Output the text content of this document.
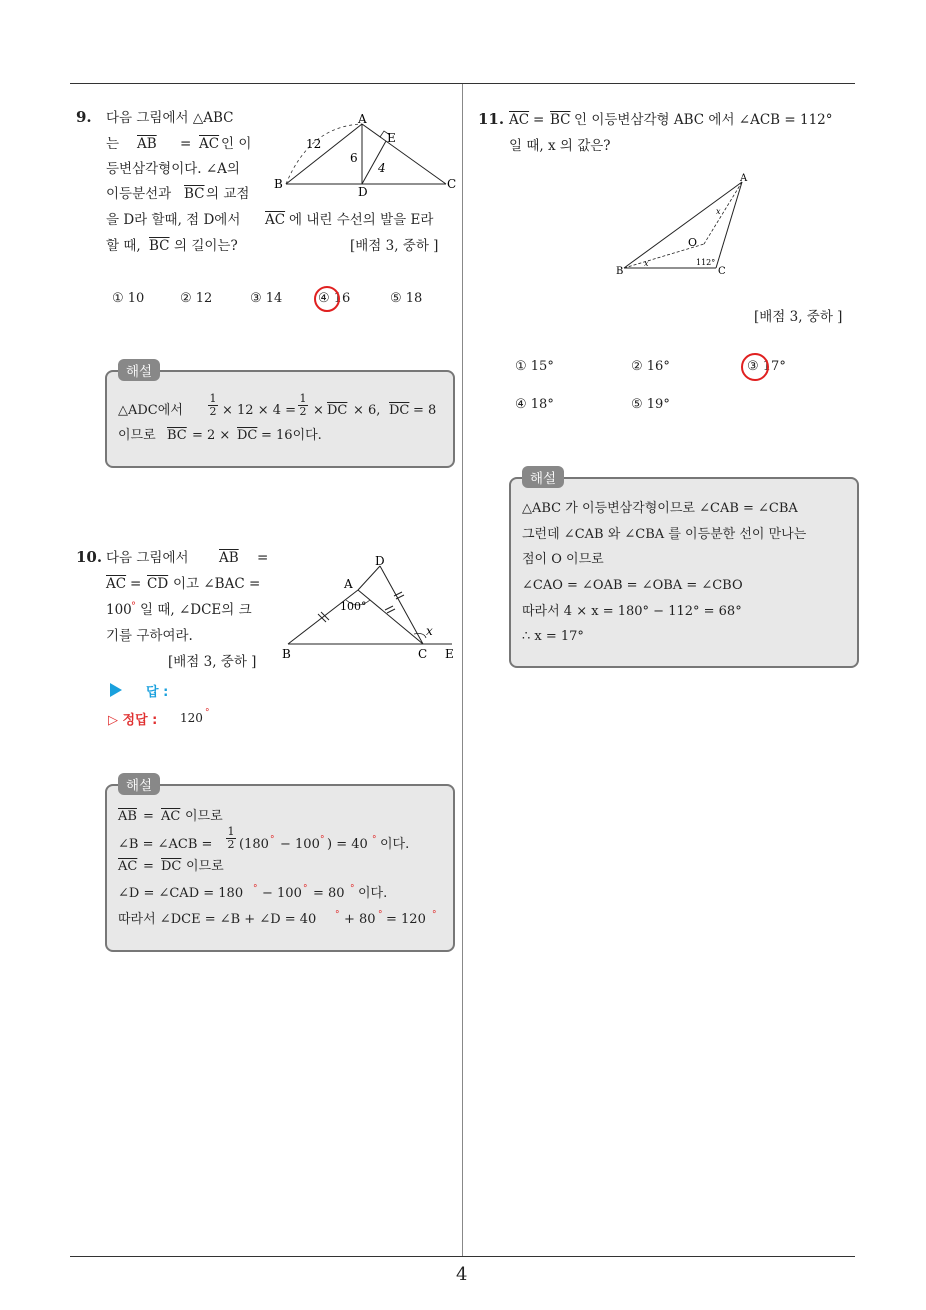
4
9. 다음 그림에서 △ABC
는 $\overline{AB} = \overline{AC}$ 인 이
등변삼각형이다. ∠A의
이등분선과 $\overline{BC}$ 의 교점
을 D라 할때, 점 D에서 $\overline{AC}$ 에 내린 수선의 발을 E라
할 때, $\overline{BC}$ 의 길이는?	[배점 3, 중하 ]
A
E
B
D
C
12
6
4
① 10	② 12	③ 14	④ 16	⑤ 18
해설
△ADC에서
1
2 × 12 × 4 =
1
$2 \times \overline{DC} \times 6$, $\overline{DC} = 8$
이므로 $\overline{BC} = 2 \times \overline{DC} = 16$이다.
10. 다음 그림에서 $\overline{AB}$ =
$\overline{AC} = \overline{CD}$ 이고 ∠BAC =
100 ° 일 때, ∠DCE의 크
기를 구하여라.
[배점 3, 중하 ]
D
A
100°
x
B	C E
답 :
▷ 정답 : 120 °
해설
$\overline{AB} = \overline{AC}$ 이므로
∠B = ∠ACB =
1
2 (180 ° − 100 ° ) = 40 ° 이다.
$\overline{AC} = \overline{DC}$ 이므로
∠D = ∠CAD = 180 ° − 100 ° = 80 ° 이다.
따라서 ∠DCE = ∠B + ∠D = 40 ° + 80 ° = 120 °
11. $\overline{AC} = \overline{BC}$ 인 이등변삼각형 ABC 에서 ∠ACB = 112°
일 때, x 의 값은?
A
O
112°
B	C
x
x
[배점 3, 중하 ]
① 15°	② 16°	③ 17°
④ 18°	⑤ 19°
해설
△ABC 가 이등변삼각형이므로 ∠CAB = ∠CBA
그런데 ∠CAB 와 ∠CBA 를 이등분한 선이 만나는
점이 O 이므로
∠CAO = ∠OAB = ∠OBA = ∠CBO
따라서 4 × x = 180° − 112° = 68°
∴ x = 17°
